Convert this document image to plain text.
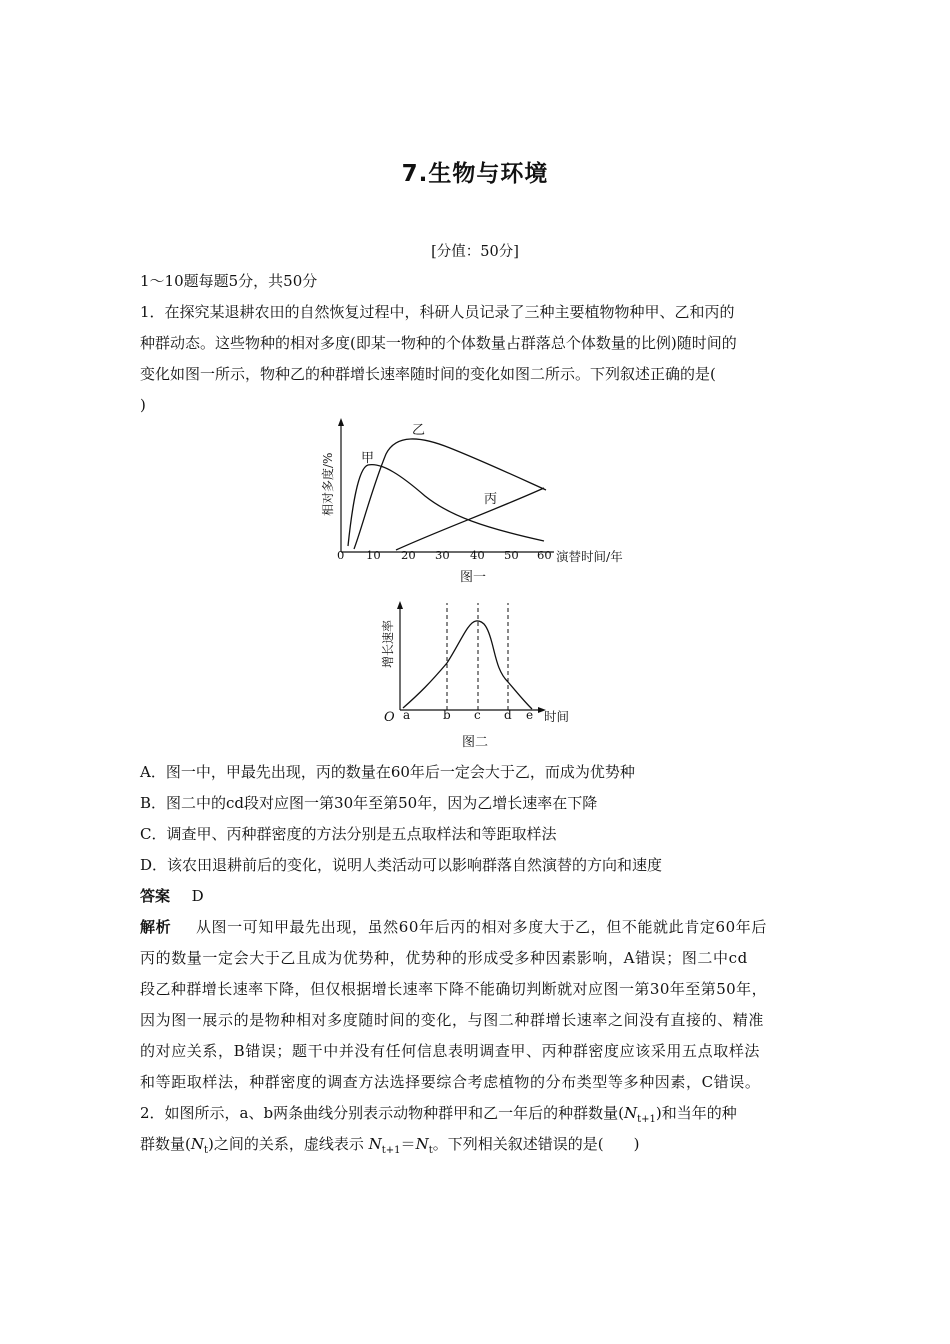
7.生物与环境
[分值：50分]
1～10题每题5分，共50分
1．在探究某退耕农田的自然恢复过程中，科研人员记录了三种主要植物物种甲、乙和丙的
种群动态。这些物种的相对多度(即某一物种的个体数量占群落总个体数量的比例)随时间的
变化如图一所示，物种乙的种群增长速率随时间的变化如图二所示。下列叙述正确的是(
)
乙
甲
丙
相对多度/%
0 10 20 30 40 50 60 演替时间/年
图一
增长速率
O a	b c d e 时间
图二
A．图一中，甲最先出现，丙的数量在60年后一定会大于乙，而成为优势种
B．图二中的cd段对应图一第30年至第50年，因为乙增长速率在下降
C．调查甲、丙种群密度的方法分别是五点取样法和等距取样法
D．该农田退耕前后的变化，说明人类活动可以影响群落自然演替的方向和速度
答案 D
解析 从图一可知甲最先出现，虽然60年后丙的相对多度大于乙，但不能就此肯定60年后
丙的数量一定会大于乙且成为优势种，优势种的形成受多种因素影响，A错误；图二中cd
段乙种群增长速率下降，但仅根据增长速率下降不能确切判断就对应图一第30年至第50年，
因为图一展示的是物种相对多度随时间的变化，与图二种群增长速率之间没有直接的、精准
的对应关系，B错误；题干中并没有任何信息表明调查甲、丙种群密度应该采用五点取样法
和等距取样法，种群密度的调查方法选择要综合考虑植物的分布类型等多种因素，C错误。
2．如图所示，a、b两条曲线分别表示动物种群甲和乙一年后的种群数量$(N_{t+1})$和当年的种
群数量$(N_t)$之间的关系，虚线表示 $N_{t+1}=N_t$。下列相关叙述错误的是(　　)
